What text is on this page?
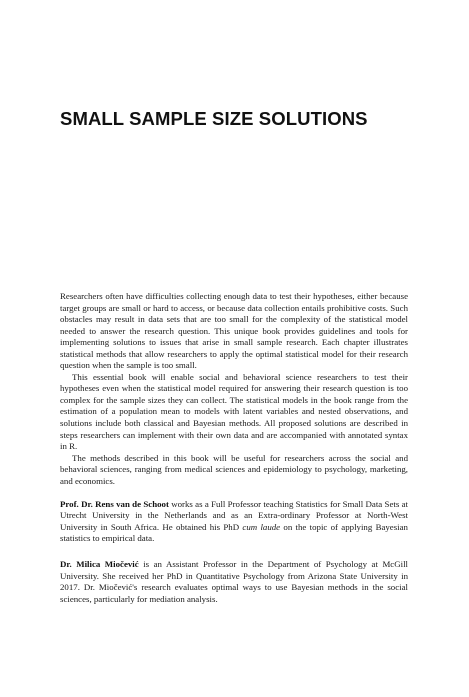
SMALL SAMPLE SIZE SOLUTIONS

Researchers often have difficulties collecting enough data to test their hypotheses, either because target groups are small or hard to access, or because data collection entails prohibitive costs. Such obstacles may result in data sets that are too small for the complexity of the statistical model needed to answer the research question. This unique book provides guidelines and tools for implementing solutions to issues that arise in small sample research. Each chapter illustrates statistical methods that allow researchers to apply the optimal statistical model for their research question when the sample is too small.

This essential book will enable social and behavioral science researchers to test their hypotheses even when the statistical model required for answering their research question is too complex for the sample sizes they can collect. The statistical models in the book range from the estimation of a population mean to models with latent variables and nested observations, and solutions include both classical and Bayesian methods. All proposed solutions are described in steps researchers can implement with their own data and are accompanied with annotated syntax in R.

The methods described in this book will be useful for researchers across the social and behavioral sciences, ranging from medical sciences and epidemiology to psychology, marketing, and economics.

Prof. Dr. Rens van de Schoot works as a Full Professor teaching Statistics for Small Data Sets at Utrecht University in the Netherlands and as an Extra-ordinary Professor at North-West University in South Africa. He obtained his PhD cum laude on the topic of applying Bayesian statistics to empirical data.

Dr. Milica Miočević is an Assistant Professor in the Department of Psychology at McGill University. She received her PhD in Quantitative Psychology from Arizona State University in 2017. Dr. Miočević's research evaluates optimal ways to use Bayesian methods in the social sciences, particularly for mediation analysis.
